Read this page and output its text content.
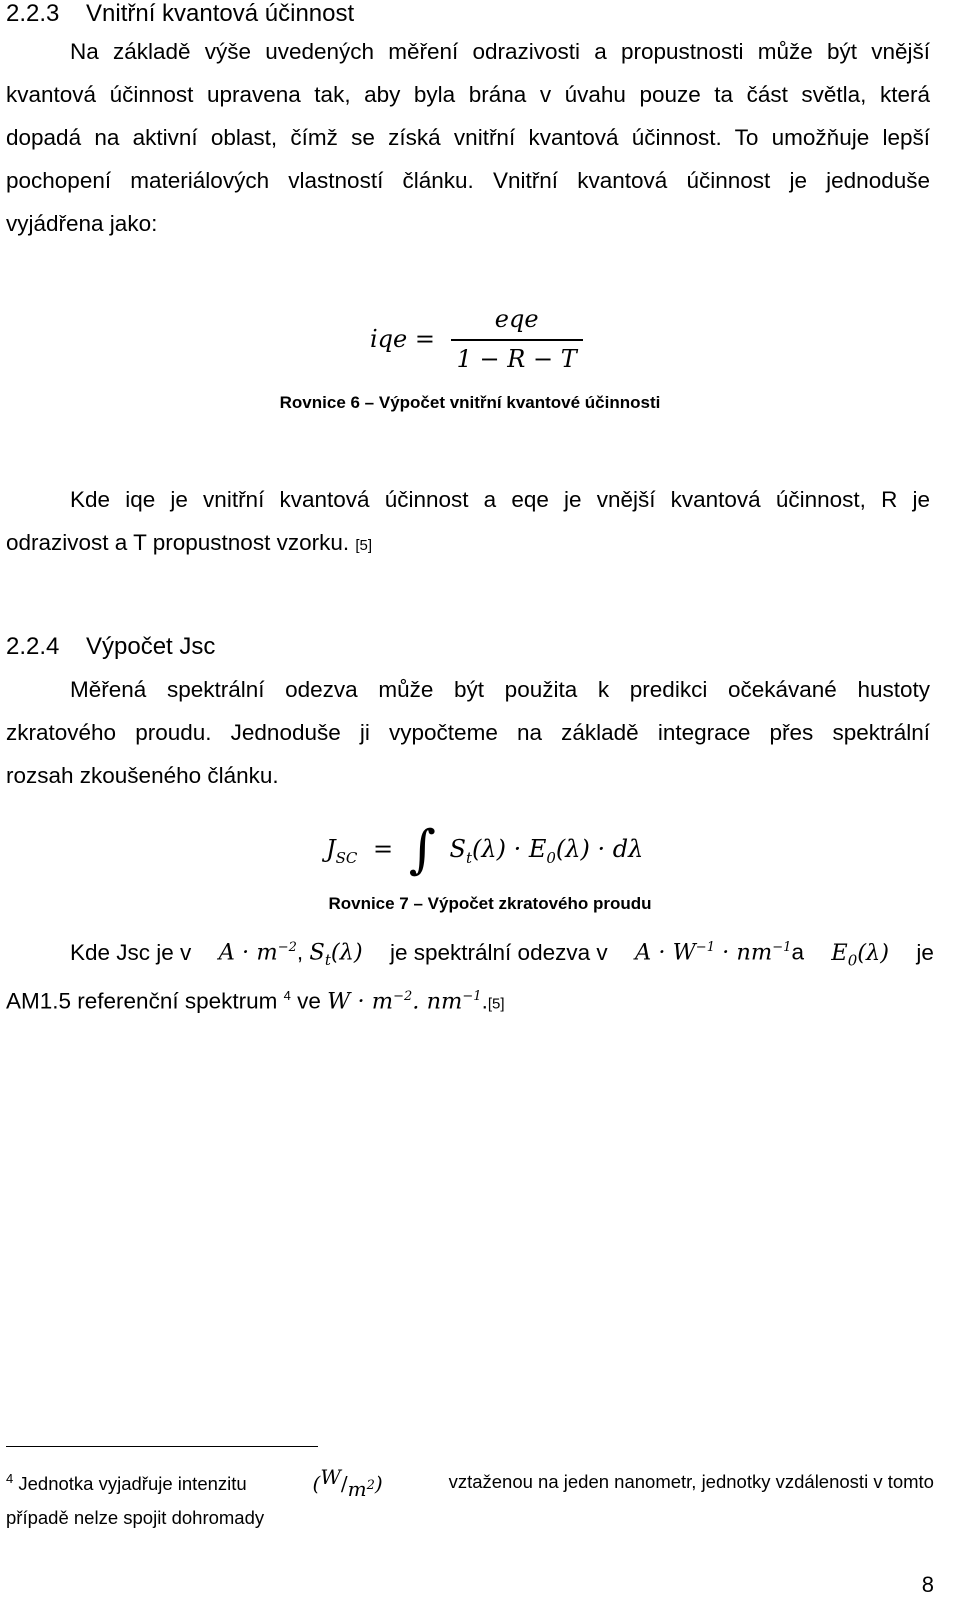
2.2.3 Vnitřní kvantová účinnost
Na základě výše uvedených měření odrazivosti a propustnosti může být vnější
kvantová účinnost upravena tak, aby byla brána v úvahu pouze ta část světla, která
dopadá na aktivní oblast, čímž se získá vnitřní kvantová účinnost. To umožňuje lepší
pochopení materiálových vlastností článku. Vnitřní kvantová účinnost je jednoduše
vyjádřena jako:
iqe = $\frac{\text{eqe}}{1 - R - T}$
Rovnice 6 – Výpočet vnitřní kvantové účinnosti
Kde iqe je vnitřní kvantová účinnost a eqe je vnější kvantová účinnost, R je
odrazivost a T propustnost vzorku. [5]
2.2.4 Výpočet Jsc
Měřená spektrální odezva může být použita k predikci očekávané hustoty
zkratového proudu. Jednoduše ji vypočteme na základě integrace přes spektrální
rozsah zkoušeného článku.
$J_{SC}$ = ∫ $S_t(\lambda) \cdot E_0(\lambda) \cdot d\lambda$
Rovnice 7 – Výpočet zkratového proudu
Kde Jsc je v $A \cdot m^{-2}$, $S_t(\lambda)$ je spektrální odezva v $A \cdot W^{-1} \cdot nm^{-1}a$ $E_0(\lambda)$ je
AM1.5 referenční spektrum $^4$ ve $W \cdot m^{-2}$. $nm^{-1}.[5]$
$^4$ Jednotka vyjadřuje intenzitu	$(W/m^2)$	vztaženou na jeden nanometr, jednotky vzdálenosti v tomto
případě nelze spojit dohromady
8
